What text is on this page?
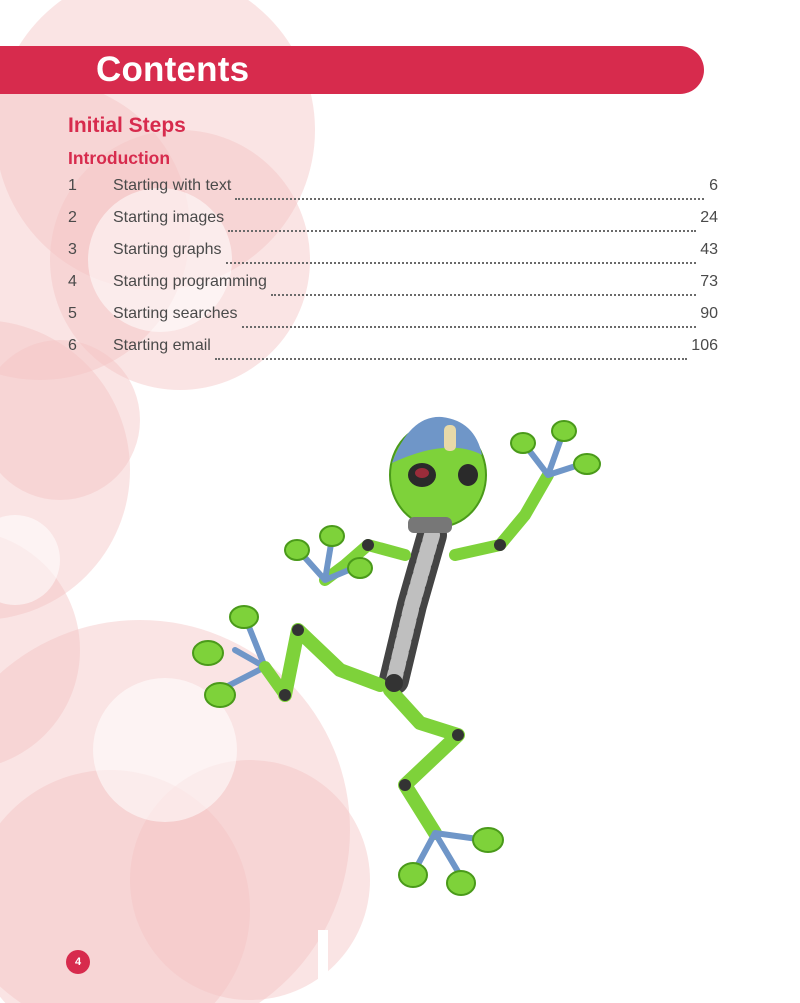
Contents
Initial Steps
Introduction
1	Starting with text	6
2	Starting images	24
3	Starting graphs	43
4	Starting programming	73
5	Starting searches	90
6	Starting email	106
4
